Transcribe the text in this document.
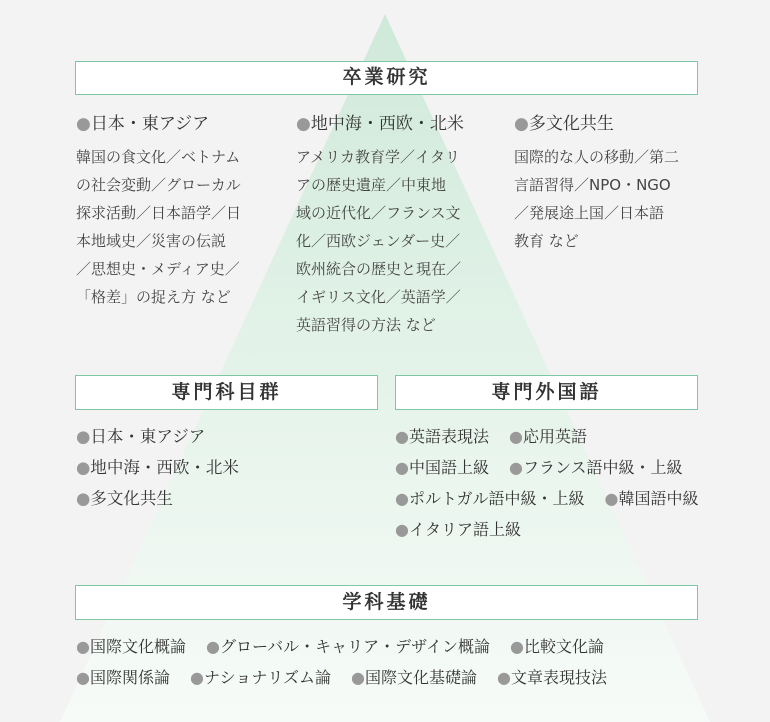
卒業研究
●日本・東アジア
韓国の食文化／ベトナム
の社会変動／グローカル
探求活動／日本語学／日
本地域史／災害の伝説
／思想史・メディア史／
「格差」の捉え方 など
●地中海・西欧・北米
アメリカ教育学／イタリ
アの歴史遺産／中東地
域の近代化／フランス文
化／西欧ジェンダー史／
欧州統合の歴史と現在／
イギリス文化／英語学／
英語習得の方法 など
●多文化共生
国際的な人の移動／第二
言語習得／NPO・NGO
／発展途上国／日本語
教育 など
専門科目群
●日本・東アジア
●地中海・西欧・北米
●多文化共生
専門外国語
●英語表現法 ●応用英語
●中国語上級 ●フランス語中級・上級
●ポルトガル語中級・上級 ●韓国語中級
●イタリア語上級
学科基礎
●国際文化概論 ●グローバル・キャリア・デザイン概論 ●比較文化論
●国際関係論 ●ナショナリズム論 ●国際文化基礎論 ●文章表現技法
